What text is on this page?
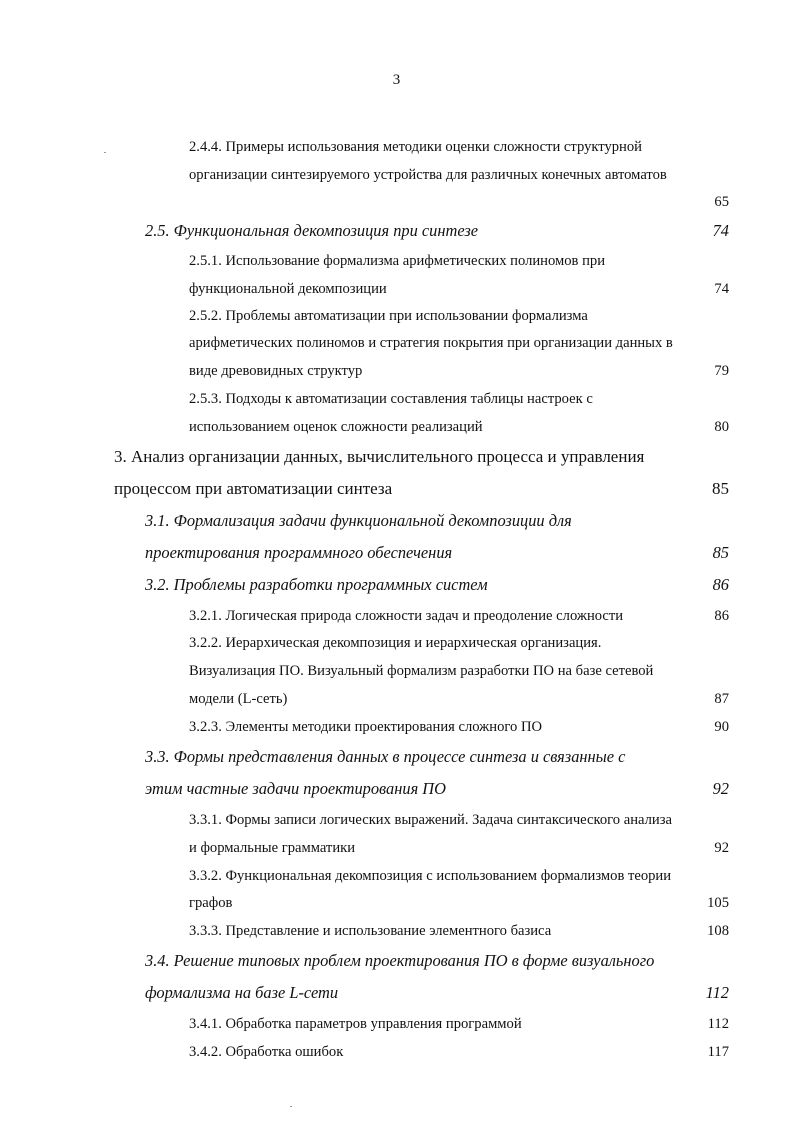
3
2.4.4. Примеры использования методики оценки сложности структурной
организации синтезируемого устройства для различных конечных автоматов
65
2.5. Функциональная декомпозиция при синтезе	74
2.5.1. Использование формализма арифметических полиномов при
функциональной декомпозиции	74
2.5.2. Проблемы автоматизации при использовании формализма
арифметических полиномов и стратегия покрытия при организации данных в
виде древовидных структур	79
2.5.3. Подходы к автоматизации составления таблицы настроек с
использованием оценок сложности реализаций	80
3. Анализ организации данных, вычислительного процесса и управления
процессом при автоматизации синтеза	85
3.1. Формализация задачи функциональной декомпозиции для
проектирования программного обеспечения	85
3.2. Проблемы разработки программных систем	86
3.2.1. Логическая природа сложности задач и преодоление сложности	86
3.2.2. Иерархическая декомпозиция и иерархическая организация.
Визуализация ПО. Визуальный формализм разработки ПО на базе сетевой
модели (L-сеть)	87
3.2.3. Элементы методики проектирования сложного ПО	90
3.3. Формы представления данных в процессе синтеза и связанные с
этим частные задачи проектирования ПО	92
3.3.1. Формы записи логических выражений. Задача синтаксического анализа
и формальные грамматики	92
3.3.2. Функциональная декомпозиция с использованием формализмов теории
графов	105
3.3.3. Представление и использование элементного базиса	108
3.4. Решение типовых проблем проектирования ПО в форме визуального
формализма на базе L-сети	112
3.4.1. Обработка параметров управления программой	112
3.4.2. Обработка ошибок	117
